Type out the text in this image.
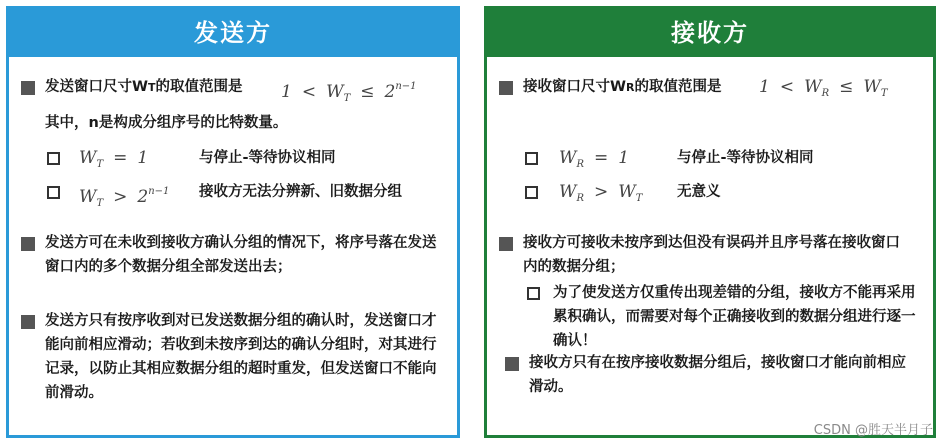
发送方
发送窗口尺寸WT的取值范围是 $1 < W_T \le 2^{n-1}$
其中，n是构成分组序号的比特数量。
$W_T = 1$	与停止-等待协议相同
$W_T > 2^{n-1}$ 接收方无法分辨新、旧数据分组
发送方可在未收到接收方确认分组的情况下，将序号落在发送窗口内的多个数据分组全部发送出去；
发送方只有按序收到对已发送数据分组的确认时，发送窗口才能向前相应滑动；若收到未按序到达的确认分组时，对其进行记录，以防止其相应数据分组的超时重发，但发送窗口不能向前滑动。
接收方
接收窗口尺寸WR的取值范围是 $1 < W_R \le W_T$
$W_R = 1$	与停止-等待协议相同
$W_R > W_T$ 无意义
接收方可接收未按序到达但没有误码并且序号落在接收窗口内的数据分组；
为了使发送方仅重传出现差错的分组，接收方不能再采用累积确认，而需要对每个正确接收到的数据分组进行逐一确认！
接收方只有在按序接收数据分组后，接收窗口才能向前相应滑动。
CSDN @胜天半月子
